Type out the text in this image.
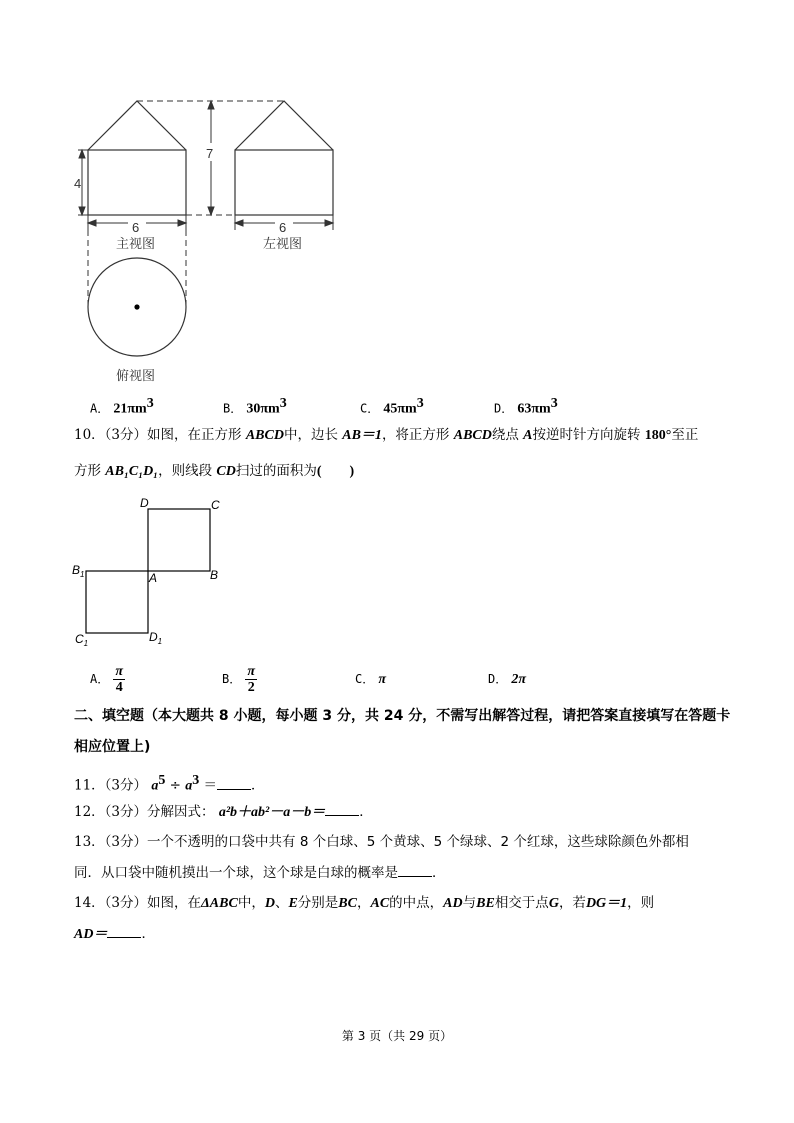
4
7
6	6
主视图	左视图
俯视图
A． $21\pi m^3$	B． $30\pi m^3$	C． $45\pi m^3$	D． $63\pi m^3$
10．（3分）如图，在正方形 ABCD中，边长 AB＝1，将正方形 ABCD绕点 A按逆时针方向旋转 180°至正
方形 AB₁C₁D₁，则线段 CD扫过的面积为(　　)
D	C
$B_1$	A	B
$C_1$	$D_1$
A． $\frac{\pi}{4}$	B． $\frac{\pi}{2}$	C． π	D． 2π
二、填空题（本大题共 8 小题，每小题 3 分，共 24 分，不需写出解答过程，请把答案直接填写在答题卡
相应位置上)
11．（3分） $a^5 \div a^3$ ＝	．
12．（3分）分解因式： a²b＋ab²－a－b＝	．
13．（3分）一个不透明的口袋中共有 8 个白球、5 个黄球、5 个绿球、2 个红球，这些球除颜色外都相
同．从口袋中随机摸出一个球，这个球是白球的概率是	．
14．（3分）如图，在ΔABC中，D、E分别是BC，AC的中点，AD与BE相交于点G，若DG＝1，则
AD＝	．
第 3 页（共 29 页）
